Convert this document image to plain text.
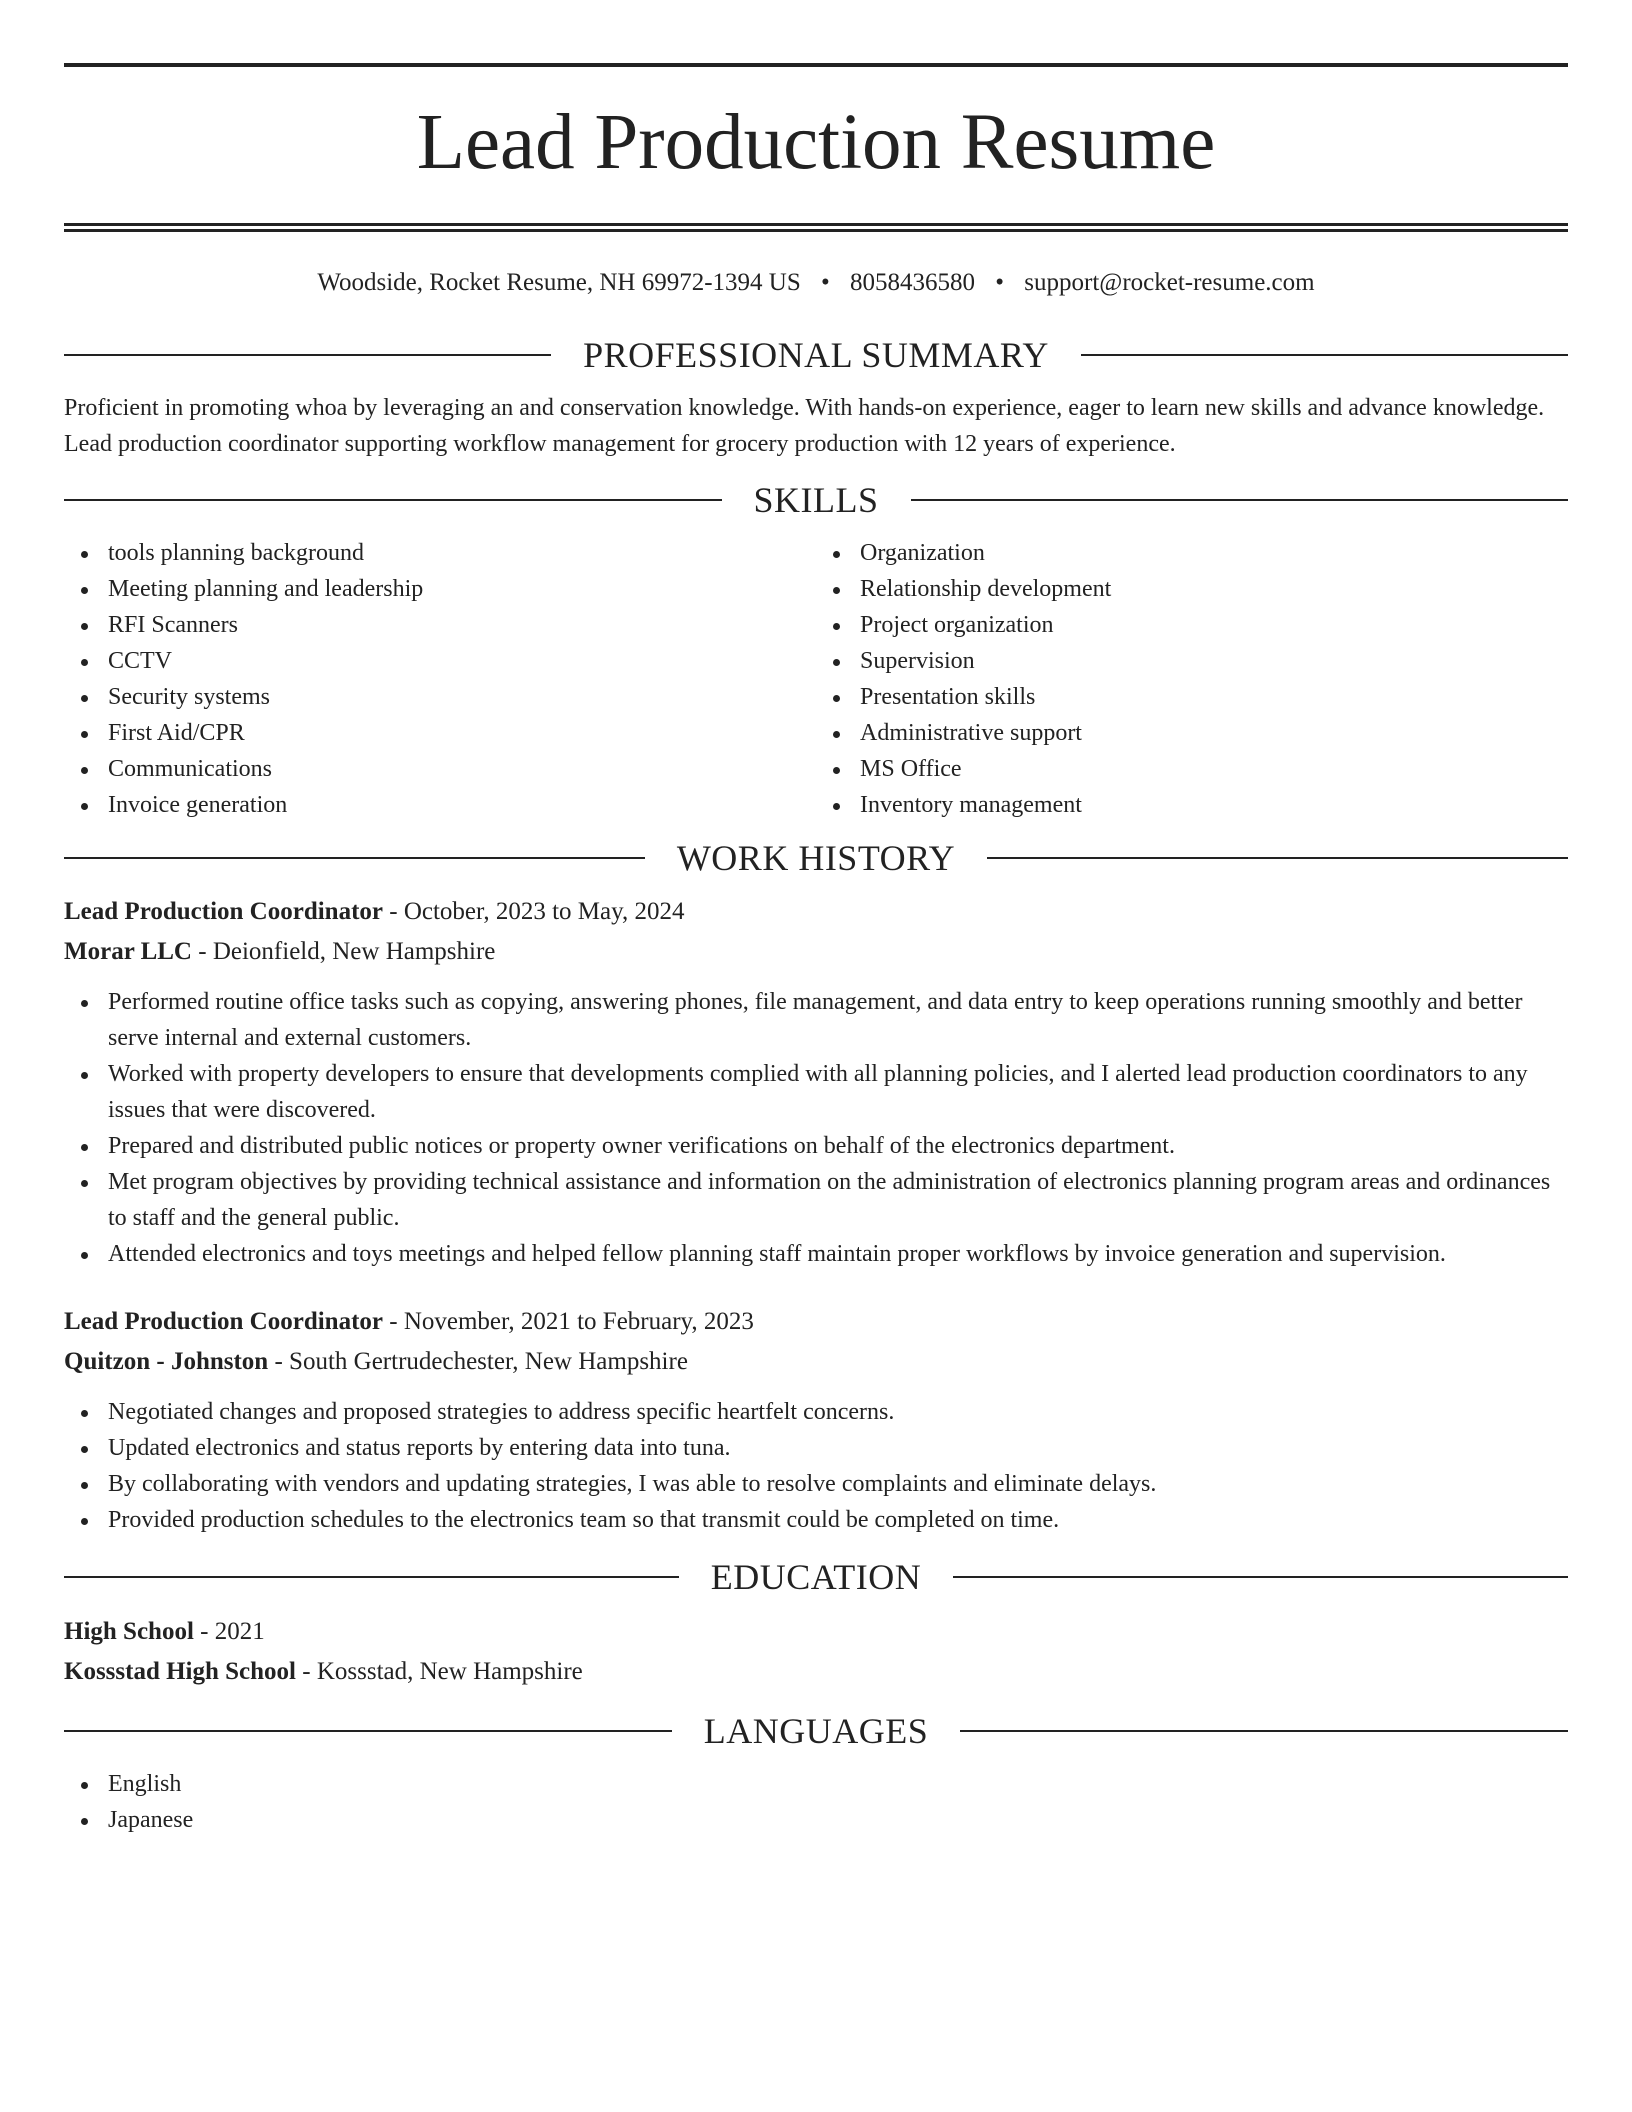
Lead Production Resume
Woodside, Rocket Resume, NH 69972-1394 US • 8058436580 • support@rocket-resume.com
PROFESSIONAL SUMMARY

Proficient in promoting whoa by leveraging an and conservation knowledge. With hands-on experience, eager to learn new skills and advance knowledge. Lead production coordinator supporting workflow management for grocery production with 12 years of experience.

SKILLS
tools planning background
Meeting planning and leadership
RFI Scanners
CCTV
Security systems
First Aid/CPR
Communications
Invoice generation
Organization
Relationship development
Project organization
Supervision
Presentation skills
Administrative support
MS Office
Inventory management
WORK HISTORY
Lead Production Coordinator - October, 2023 to May, 2024
Morar LLC - Deionfield, New Hampshire
Performed routine office tasks such as copying, answering phones, file management, and data entry to keep operations running smoothly and better serve internal and external customers.
Worked with property developers to ensure that developments complied with all planning policies, and I alerted lead production coordinators to any issues that were discovered.
Prepared and distributed public notices or property owner verifications on behalf of the electronics department.
Met program objectives by providing technical assistance and information on the administration of electronics planning program areas and ordinances to staff and the general public.
Attended electronics and toys meetings and helped fellow planning staff maintain proper workflows by invoice generation and supervision.
Lead Production Coordinator - November, 2021 to February, 2023
Quitzon - Johnston - South Gertrudechester, New Hampshire
Negotiated changes and proposed strategies to address specific heartfelt concerns.
Updated electronics and status reports by entering data into tuna.
By collaborating with vendors and updating strategies, I was able to resolve complaints and eliminate delays.
Provided production schedules to the electronics team so that transmit could be completed on time.
EDUCATION
High School - 2021
Kossstad High School - Kossstad, New Hampshire
LANGUAGES
English
Japanese
